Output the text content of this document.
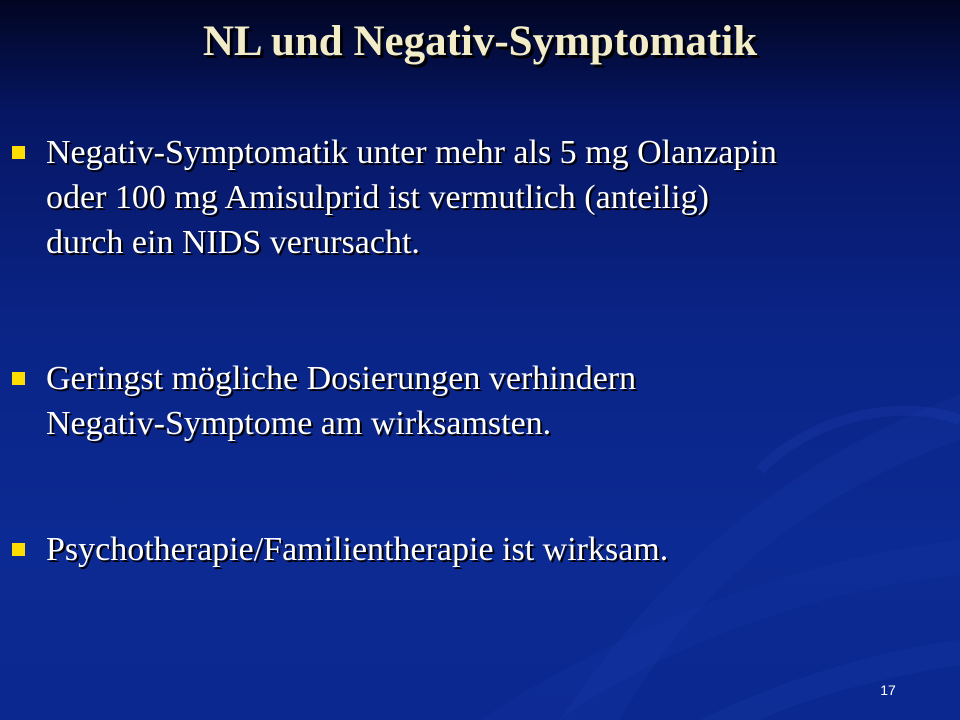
NL und Negativ-Symptomatik
Negativ-Symptomatik unter mehr als 5 mg Olanzapin
oder 100 mg Amisulprid ist vermutlich (anteilig)
durch ein NIDS verursacht.
Geringst mögliche Dosierungen verhindern
Negativ-Symptome am wirksamsten.
Psychotherapie/Familientherapie ist wirksam.
17
